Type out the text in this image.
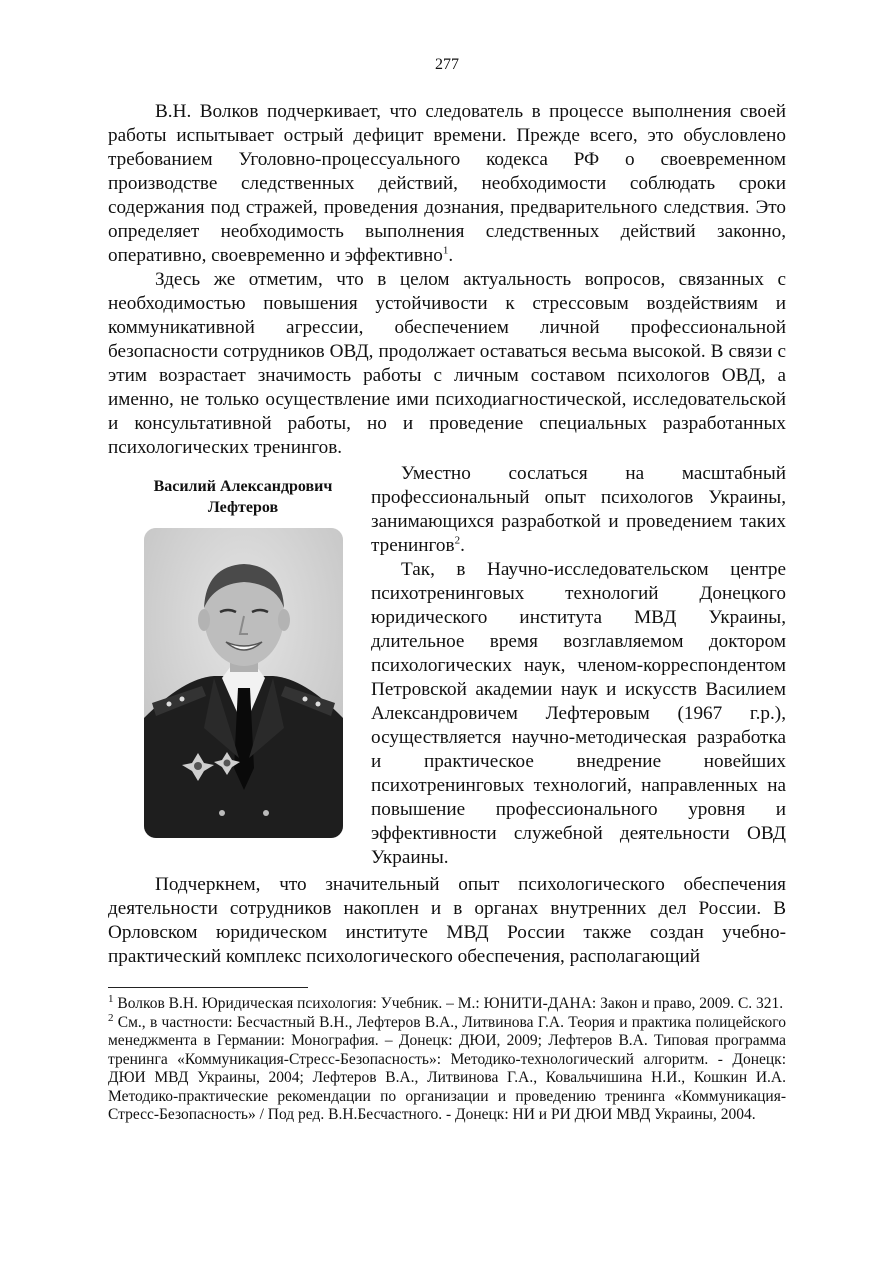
277

В.Н. Волков подчеркивает, что следователь в процессе выполнения своей работы испытывает острый дефицит времени. Прежде всего, это обусловлено требованием Уголовно-процессуального кодекса РФ о своевременном производстве следственных действий, необходимости соблюдать сроки содержания под стражей, проведения дознания, предварительного следствия. Это определяет необходимость выполнения следственных действий законно, оперативно, своевременно и эффективно$^1$.

Здесь же отметим, что в целом актуальность вопросов, связанных с необходимостью повышения устойчивости к стрессовым воздействиям и коммуникативной агрессии, обеспечением личной профессиональной безопасности сотрудников ОВД, продолжает оставаться весьма высокой. В связи с этим возрастает значимость работы с личным составом психологов ОВД, а именно, не только осуществление ими психодиагностической, исследовательской и консультативной работы, но и проведение специальных разработанных психологических тренингов.

Василий Александрович
Лефтеров

Уместно сослаться на масштабный профессиональный опыт психологов Украины, занимающихся разработкой и проведением таких тренингов$^2$.

Так, в Научно-исследовательском центре психотренинговых технологий Донецкого юридического института МВД Украины, длительное время возглавляемом доктором психологических наук, членом-корреспондентом Петровской академии наук и искусств Василием Александровичем Лефтеровым (1967 г.р.), осуществляется научно-методическая разработка и практическое внедрение новейших психотренинговых технологий, направленных на повышение профессионального уровня и эффективности служебной деятельности ОВД Украины.

Подчеркнем, что значительный опыт психологического обеспечения деятельности сотрудников накоплен и в органах внутренних дел России. В Орловском юридическом институте МВД России также создан учебно-практический комплекс психологического обеспечения, располагающий

$^1$ Волков В.Н. Юридическая психология: Учебник. – М.: ЮНИТИ-ДАНА: Закон и право, 2009. С. 321.

$^2$ См., в частности: Бесчастный В.Н., Лефтеров В.А., Литвинова Г.А. Теория и практика полицейского менеджмента в Германии: Монография. – Донецк: ДЮИ, 2009; Лефтеров В.А. Типовая программа тренинга «Коммуникация-Стресс-Безопасность»: Методико-технологический алгоритм. - Донецк: ДЮИ МВД Украины, 2004; Лефтеров В.А., Литвинова Г.А., Ковальчишина Н.И., Кошкин И.А. Методико-практические рекомендации по организации и проведению тренинга «Коммуникация-Стресс-Безопасность» / Под ред. В.Н.Бесчастного. - Донецк: НИ и РИ ДЮИ МВД Украины, 2004.
